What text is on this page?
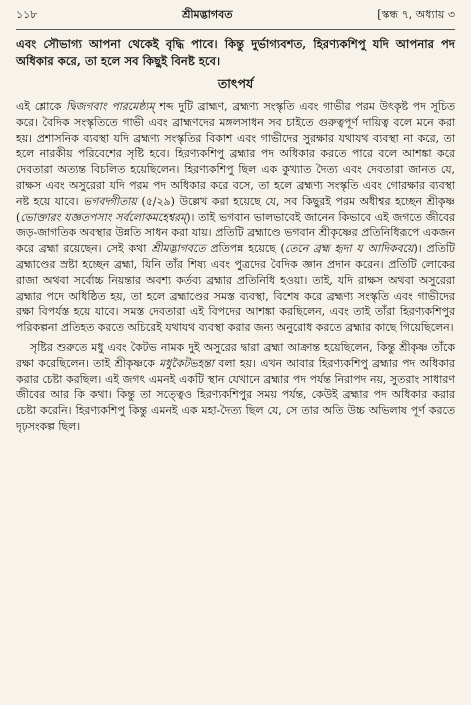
১১৮	শ্রীমদ্ভাগবত	[স্কন্ধ ৭, অধ্যায় ৩

এবং সৌভাগ্য আপনা থেকেই বৃদ্ধি পাবে। কিন্তু দুর্ভাগ্যবশত, হিরণ্যকশিপু যদি আপনার পদ অধিকার করে, তা হলে সব কিছুই বিনষ্ট হবে।

তাৎপর্য

এই শ্লোকে দ্বিজগবাং পারমেষ্ঠ্যম্ শব্দ দুটি ব্রাহ্মণ, ব্রহ্মণ্য সংস্কৃতি এবং গাভীর পরম উৎকৃষ্ট পদ সূচিত করে। বৈদিক সংস্কৃতিতে গাভী এবং ব্রাহ্মণদের মঙ্গলসাধন সব চাইতে গুরুত্বপূর্ণ দায়িত্ব বলে মনে করা হয়। প্রশাসনিক ব্যবস্থা যদি ব্রহ্মণ্য সংস্কৃতির বিকাশ এবং গাভীদের সুরক্ষার যথাযথ ব্যবস্থা না করে, তা হলে নারকীয় পরিবেশের সৃষ্টি হবে। হিরণ্যকশিপু ব্রহ্মার পদ অধিকার করতে পারে বলে আশঙ্কা করে দেবতারা অত্যন্ত বিচলিত হয়েছিলেন। হিরণ্যকশিপু ছিল এক কুখ্যাত দৈত্য এবং দেবতারা জানত যে, রাক্ষস এবং অসুরেরা যদি পরম পদ অধিকার করে বসে, তা হলে ব্রহ্মণ্য সংস্কৃতি এবং গোরক্ষার ব্যবস্থা নষ্ট হয়ে যাবে। ভগবদ্গীতায় (৫/২৯) উল্লেখ করা হয়েছে যে, সব কিছুরই পরম অধীশ্বর হচ্ছেন শ্রীকৃষ্ণ (ভোক্তারং যজ্ঞতপসাং সর্বলোকমহেশ্বরম্)। তাই ভগবান ভালভাবেই জানেন কিভাবে এই জগতে জীবের জড়-জাগতিক অবস্থার উন্নতি সাধন করা যায়। প্রতিটি ব্রহ্মাণ্ডে ভগবান শ্রীকৃষ্ণের প্রতিনিধিরূপে একজন করে ব্রহ্মা রয়েছেন। সেই কথা শ্রীমদ্ভাগবতে প্রতিপন্ন হয়েছে (তেনে ব্রহ্ম হৃদা য আদিকবয়ে)। প্রতিটি ব্রহ্মাণ্ডের স্রষ্টা হচ্ছেন ব্রহ্মা, যিনি তাঁর শিষ্য এবং পুত্রদের বৈদিক জ্ঞান প্রদান করেন। প্রতিটি লোকের রাজা অথবা সর্বোচ্চ নিয়ন্তার অবশ্য কর্তব্য ব্রহ্মার প্রতিনিধি হওয়া। তাই, যদি রাক্ষস অথবা অসুরেরা ব্রহ্মার পদে অধিষ্ঠিত হয়, তা হলে ব্রহ্মাণ্ডের সমস্ত ব্যবস্থা, বিশেষ করে ব্রহ্মণ্য সংস্কৃতি এবং গাভীদের রক্ষা বিপর্যস্ত হয়ে যাবে। সমস্ত দেবতারা এই বিপদের আশঙ্কা করছিলেন, এবং তাই তাঁরা হিরণ্যকশিপুর পরিকল্পনা প্রতিহত করতে অচিরেই যথাযথ ব্যবস্থা করার জন্য অনুরোধ করতে ব্রহ্মার কাছে গিয়েছিলেন।

সৃষ্টির শুরুতে মধু এবং কৈটভ নামক দুই অসুরের দ্বারা ব্রহ্মা আক্রান্ত হয়েছিলেন, কিন্তু শ্রীকৃষ্ণ তাঁকে রক্ষা করেছিলেন। তাই শ্রীকৃষ্ণকে মধুকৈটভহন্তা বলা হয়। এখন আবার হিরণ্যকশিপু ব্রহ্মার পদ অধিকার করার চেষ্টা করছিল। এই জগৎ এমনই একটি স্থান যেখানে ব্রহ্মার পদ পর্যন্ত নিরাপদ নয়, সুতরাং সাধারণ জীবের আর কি কথা। কিন্তু তা সত্ত্বেও হিরণ্যকশিপুর সময় পর্যন্ত, কেউই ব্রহ্মার পদ অধিকার করার চেষ্টা করেনি। হিরণ্যকশিপু কিন্তু এমনই এক মহা-দৈত্য ছিল যে, সে তার অতি উচ্চ অভিলাষ পূর্ণ করতে দৃঢ়সংকল্প ছিল।
